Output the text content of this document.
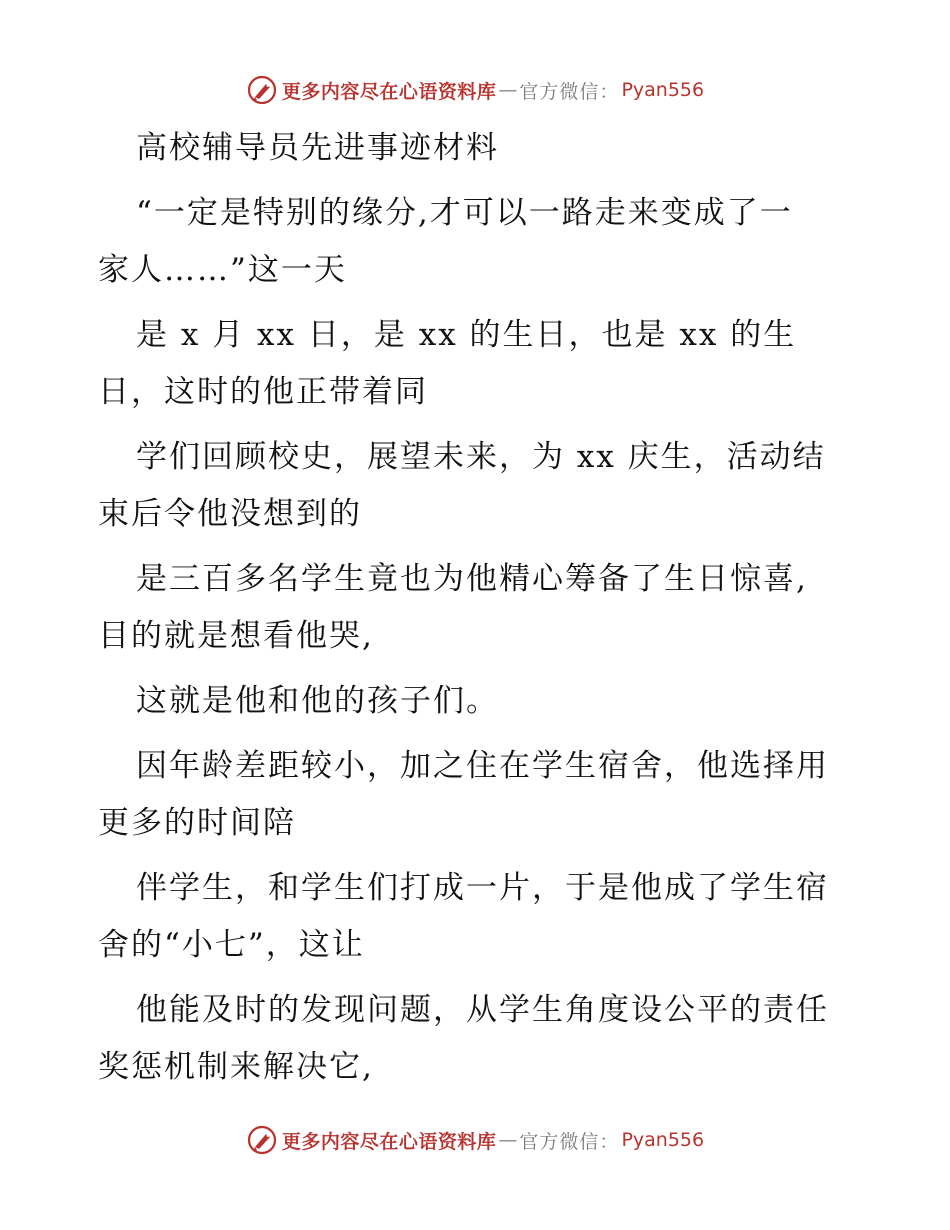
更多内容尽在心语资料库 — 官方微信： Pyan556
高校辅导员先进事迹材料
“一定是特别的缘分,才可以一路走来变成了一
家人……”这一天
是 x 月 xx 日，是 xx 的生日，也是 xx 的生
日，这时的他正带着同
学们回顾校史，展望未来，为 xx 庆生，活动结
束后令他没想到的
是三百多名学生竟也为他精心筹备了生日惊喜,
目的就是想看他哭,
这就是他和他的孩子们。
因年龄差距较小，加之住在学生宿舍，他选择用
更多的时间陪
伴学生，和学生们打成一片，于是他成了学生宿
舍的“小七”，这让
他能及时的发现问题，从学生角度设公平的责任
奖惩机制来解决它,
更多内容尽在心语资料库 — 官方微信： Pyan556
